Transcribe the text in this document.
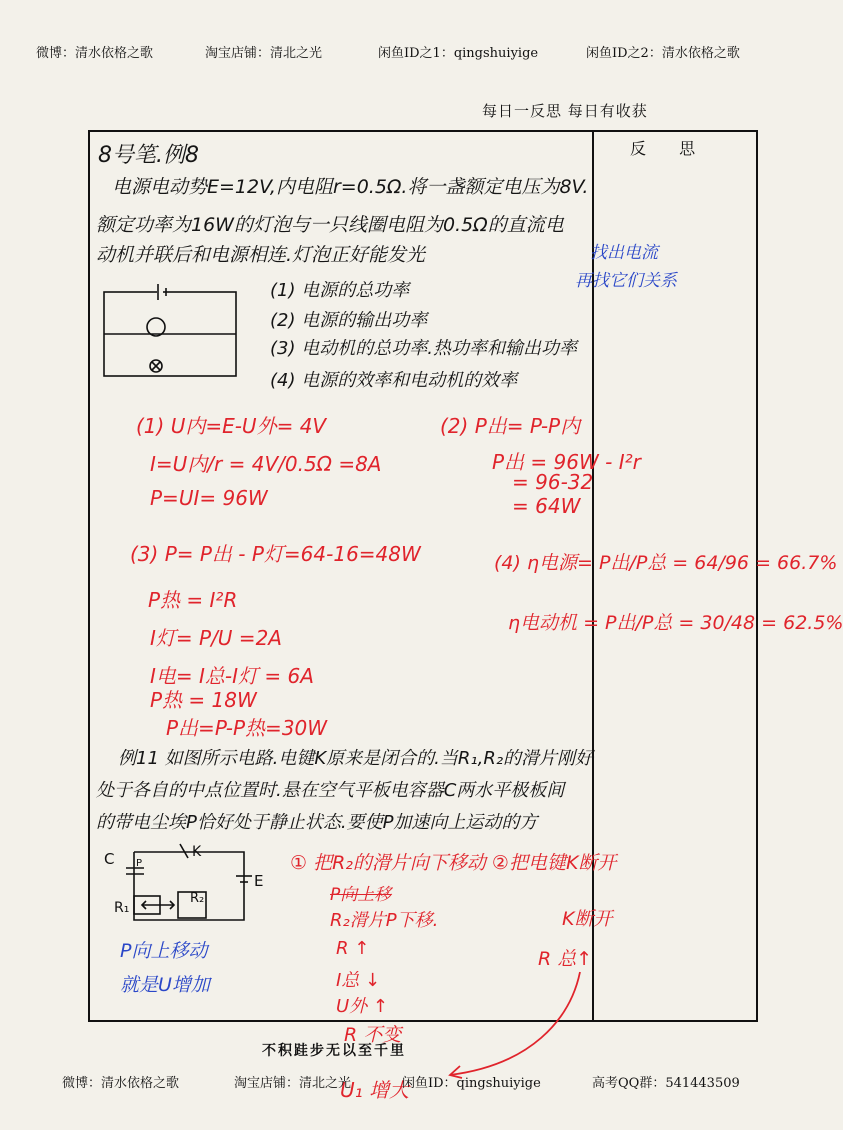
微博：清水依格之歌	淘宝店铺：清北之光	闲鱼ID之1：qingshuiyige	闲鱼ID之2：清水依格之歌
每日一反思 每日有收获
反 思
8号笔.例8
电源电动势E=12V,内电阻r=0.5Ω.将一盏额定电压为8V.
额定功率为16W的灯泡与一只线圈电阻为0.5Ω的直流电
动机并联后和电源相连.灯泡正好能发光
(1) 电源的总功率
(2) 电源的输出功率
(3) 电动机的总功率.热功率和输出功率
(4) 电源的效率和电动机的效率
找出电流
再找它们关系
(1) U内=E-U外= 4V
I=U内/r = 4V/0.5Ω =8A
P=UI= 96W
(2) P出= P-P内
P出 = 96W - I²r
= 96-32
= 64W
(3) P= P出 - P灯=64-16=48W
P热 = I²R
I灯= P/U =2A
I电= I总-I灯 = 6A
P热 = 18W
P出=P-P热=30W
(4) η电源= P出/P总 = 64/96 = 66.7%
η电动机 = P出/P总 = 30/48 = 62.5%
例11 如图所示电路.电键K原来是闭合的.当R₁,R₂的滑片刚好
处于各自的中点位置时.悬在空气平板电容器C两水平极板间
的带电尘埃P恰好处于静止状态.要使P加速向上运动的方
C P
K
R₁
R₂
E
① 把R₂的滑片向下移动 ②把电键K断开
P向上移
R₂滑片P下移.
R ↑
I总 ↓
U外 ↑
K断开
R 总↑
R 不变
U₁ 增大
P向上移动
就是U增加
不积跬步无以至千里
微博：清水依格之歌	淘宝店铺：清北之光	闲鱼ID：qingshuiyige	高考QQ群：541443509
